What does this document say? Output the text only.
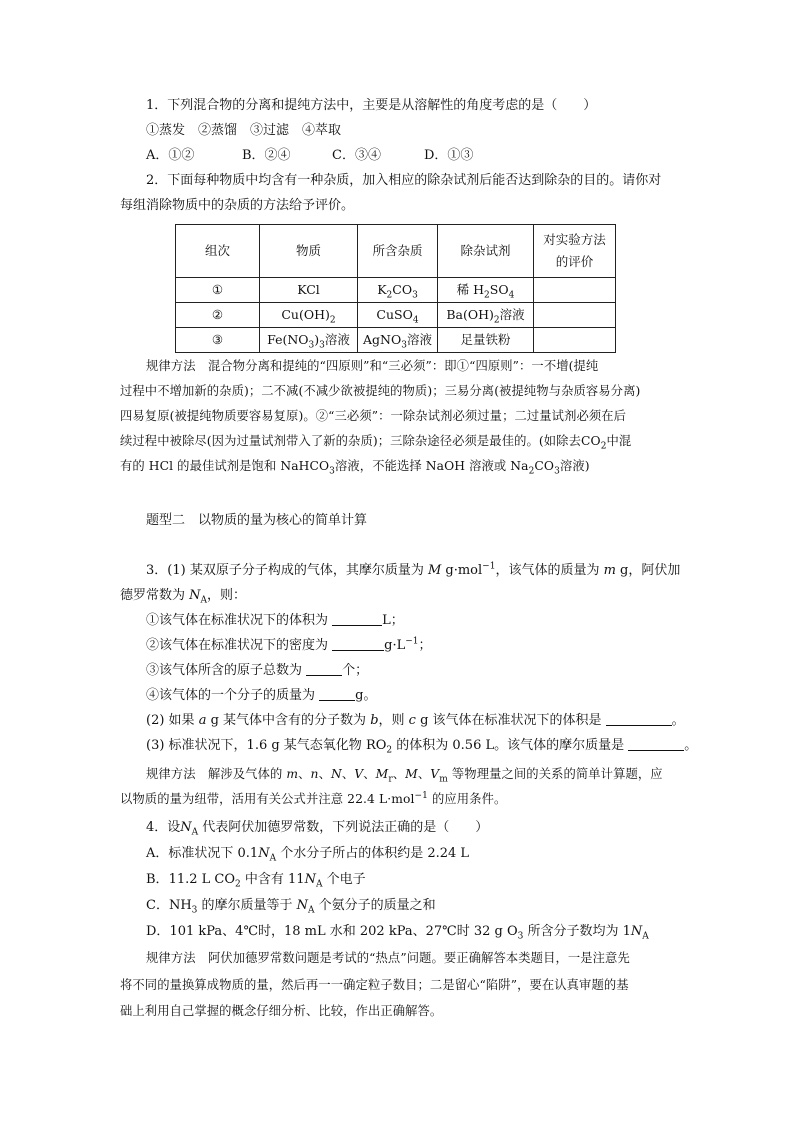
1．下列混合物的分离和提纯方法中，主要是从溶解性的角度考虑的是（　　）
①蒸发　②蒸馏　③过滤　④萃取
A．①②	B．②④	C．③④	D．①③
2．下面每种物质中均含有一种杂质，加入相应的除杂试剂后能否达到除杂的目的。请你对
每组消除物质中的杂质的方法给予评价。
组次	物质	所含杂质	除杂试剂	对实验方法
的评价

①	KCl	$K_2CO_3$	稀 $H_2SO_4$	
②	$Cu(OH)_2$	CuSO$_4$	$Ba(OH)_2$溶液	
③	$Fe(NO_3)_3$溶液	AgNO$_3$溶液	足量铁粉	
规律方法　混合物分离和提纯的“四原则”和“三必须”：即①“四原则”：一不增(提纯
过程中不增加新的杂质)；二不减(不减少欲被提纯的物质)；三易分离(被提纯物与杂质容易分离)
四易复原(被提纯物质要容易复原)。②“三必须”：一除杂试剂必须过量；二过量试剂必须在后
续过程中被除尽(因为过量试剂带入了新的杂质)；三除杂途径必须是最佳的。(如除去$CO_2$中混
有的 HCl 的最佳试剂是饱和 NaHCO$_3$溶液，不能选择 NaOH 溶液或 $Na_2CO_3$溶液)
题型二　以物质的量为核心的简单计算
3．(1) 某双原子分子构成的气体，其摩尔质量为 M g·mol$^{-1}$，该气体的质量为 m g，阿伏加
德罗常数为 $N_A$，则：
①该气体在标准状况下的体积为	L；
②该气体在标准状况下的密度为	$g\cdot L^{-1}$；
③该气体所含的原子总数为	个；
④该气体的一个分子的质量为	g。
(2) 如果 a g 某气体中含有的分子数为 b，则 c g 该气体在标准状况下的体积是	。
(3) 标准状况下，1.6 g 某气态氧化物 $RO_2$ 的体积为 0.56 L。该气体的摩尔质量是	。
规律方法　解涉及气体的 m、n、N、V、$M_r$、M、$V_m$ 等物理量之间的关系的简单计算题，应
以物质的量为纽带，活用有关公式并注意 22.4 L·mol$^{-1}$ 的应用条件。
4．设$N_A$ 代表阿伏加德罗常数，下列说法正确的是（　　）
A．标准状况下 $0.1N_A$ 个水分子所占的体积约是 2.24 L
B．11.2 L $CO_2$ 中含有 $11N_A$ 个电子
C．$NH_3$ 的摩尔质量等于 $N_A$ 个氨分子的质量之和
D．101 kPa、4℃时，18 mL 水和 202 kPa、27℃时 32 g $O_3$ 所含分子数均为 $1N_A$
规律方法　阿伏加德罗常数问题是考试的“热点”问题。要正确解答本类题目，一是注意先
将不同的量换算成物质的量，然后再一一确定粒子数目；二是留心“陷阱”，要在认真审题的基
础上利用自己掌握的概念仔细分析、比较，作出正确解答。
